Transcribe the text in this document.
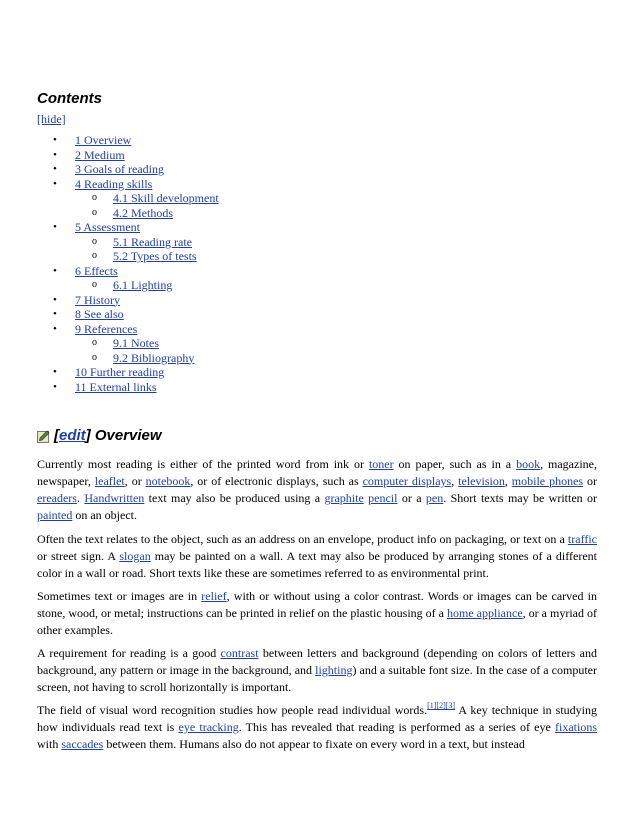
Contents
[hide]
• 1 Overview
• 2 Medium
• 3 Goals of reading
• 4 Reading skills
o 4.1 Skill development
o 4.2 Methods
• 5 Assessment
o 5.1 Reading rate
o 5.2 Types of tests
• 6 Effects
o 6.1 Lighting
• 7 History
• 8 See also
• 9 References
o 9.1 Notes
o 9.2 Bibliography
• 10 Further reading
• 11 External links
[ edit ]
Overview
Currently most reading is either of the printed word from ink or toner on paper, such as in a book, magazine, newspaper, leaflet, or notebook, or of electronic displays, such as computer displays, television, mobile phones or ereaders. Handwritten text may also be produced using a graphite pencil or a pen. Short texts may be written or painted on an object.
Often the text relates to the object, such as an address on an envelope, product info on packaging, or text on a traffic or street sign. A slogan may be painted on a wall. A text may also be produced by arranging stones of a different color in a wall or road. Short texts like these are sometimes referred to as environmental print.
Sometimes text or images are in relief, with or without using a color contrast. Words or images can be carved in stone, wood, or metal; instructions can be printed in relief on the plastic housing of a home appliance, or a myriad of other examples.
A requirement for reading is a good contrast between letters and background (depending on colors of letters and background, any pattern or image in the background, and lighting) and a suitable font size. In the case of a computer screen, not having to scroll horizontally is important.
The field of visual word recognition studies how people read individual words.[1][2][3] A key technique in studying how individuals read text is eye tracking. This has revealed that reading is performed as a series of eye fixations with saccades between them. Humans also do not appear to fixate on every word in a text, but instead
